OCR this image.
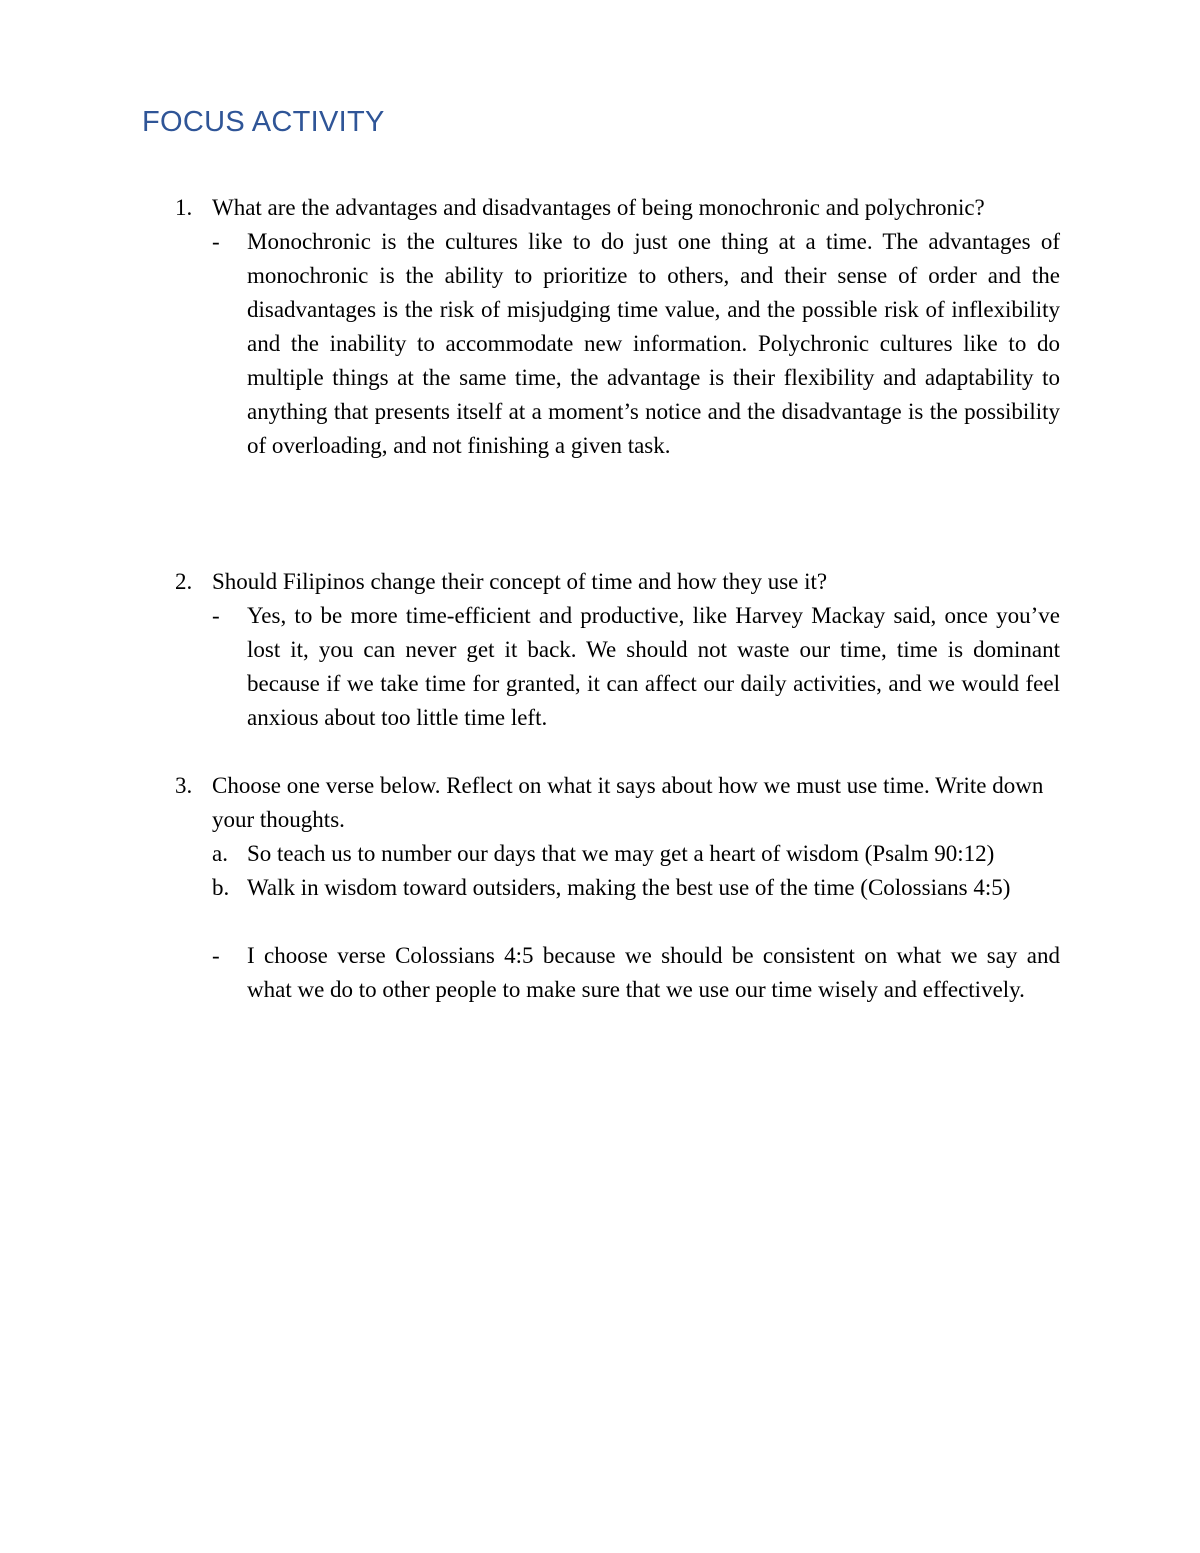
FOCUS ACTIVITY
1. What are the advantages and disadvantages of being monochronic and polychronic?
- Monochronic is the cultures like to do just one thing at a time. The advantages of monochronic is the ability to prioritize to others, and their sense of order and the disadvantages is the risk of misjudging time value, and the possible risk of inflexibility and the inability to accommodate new information. Polychronic cultures like to do multiple things at the same time, the advantage is their flexibility and adaptability to anything that presents itself at a moment’s notice and the disadvantage is the possibility of overloading, and not finishing a given task.
2. Should Filipinos change their concept of time and how they use it?
- Yes, to be more time-efficient and productive, like Harvey Mackay said, once you’ve lost it, you can never get it back. We should not waste our time, time is dominant because if we take time for granted, it can affect our daily activities, and we would feel anxious about too little time left.
3. Choose one verse below. Reflect on what it says about how we must use time. Write down your thoughts.
a. So teach us to number our days that we may get a heart of wisdom (Psalm 90:12)
b. Walk in wisdom toward outsiders, making the best use of the time (Colossians 4:5)
- I choose verse Colossians 4:5 because we should be consistent on what we say and what we do to other people to make sure that we use our time wisely and effectively.
